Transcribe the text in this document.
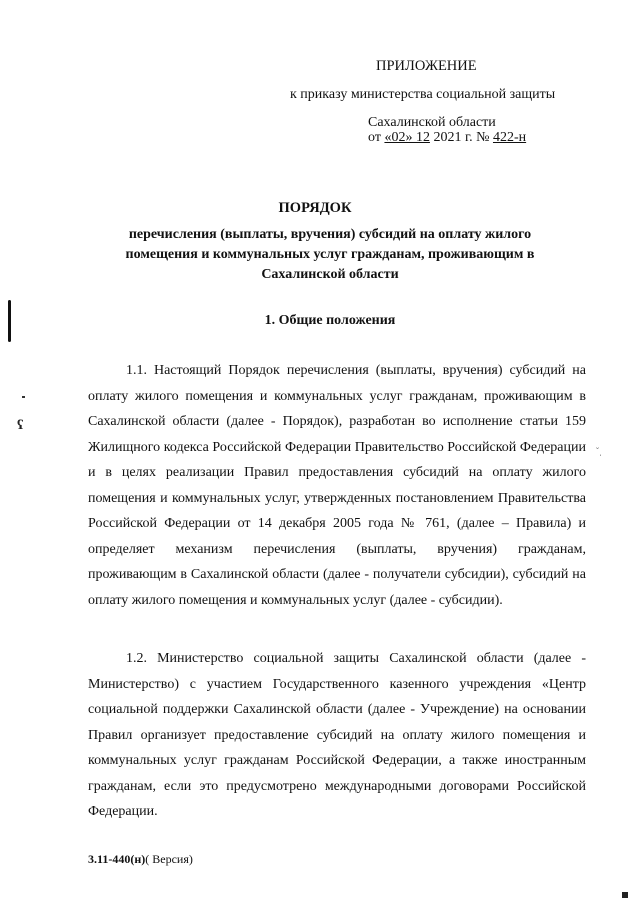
ʕ
˘ˌ
ПРИЛОЖЕНИЕ
к приказу министерства социальной защиты
Сахалинской области
от «02» 12 2021 г. № 422-н
ПОРЯДОК
перечисления (выплаты, вручения) субсидий на оплату жилого помещения и коммунальных услуг гражданам, проживающим в Сахалинской области
1. Общие положения

1.1. Настоящий Порядок перечисления (выплаты, вручения) субсидий на оплату жилого помещения и коммунальных услуг гражданам, проживающим в Сахалинской области (далее - Порядок), разработан во исполнение статьи 159 Жилищного кодекса Российской Федерации Правительство Российской Федерации и в целях реализации Правил предоставления субсидий на оплату жилого помещения и коммунальных услуг, утвержденных постановлением Правительства Российской Федерации от 14 декабря 2005 года № 761, (далее – Правила) и определяет механизм перечисления (выплаты, вручения) гражданам, проживающим в Сахалинской области (далее - получатели субсидии), субсидий на оплату жилого помещения и коммунальных услуг (далее - субсидии).

1.2. Министерство социальной защиты Сахалинской области (далее - Министерство) с участием Государственного казенного учреждения «Центр социальной поддержки Сахалинской области (далее - Учреждение) на основании Правил организует предоставление субсидий на оплату жилого помещения и коммунальных услуг гражданам Российской Федерации, а также иностранным гражданам, если это предусмотрено международными договорами Российской Федерации.

3.11-440(н)( Версия)
